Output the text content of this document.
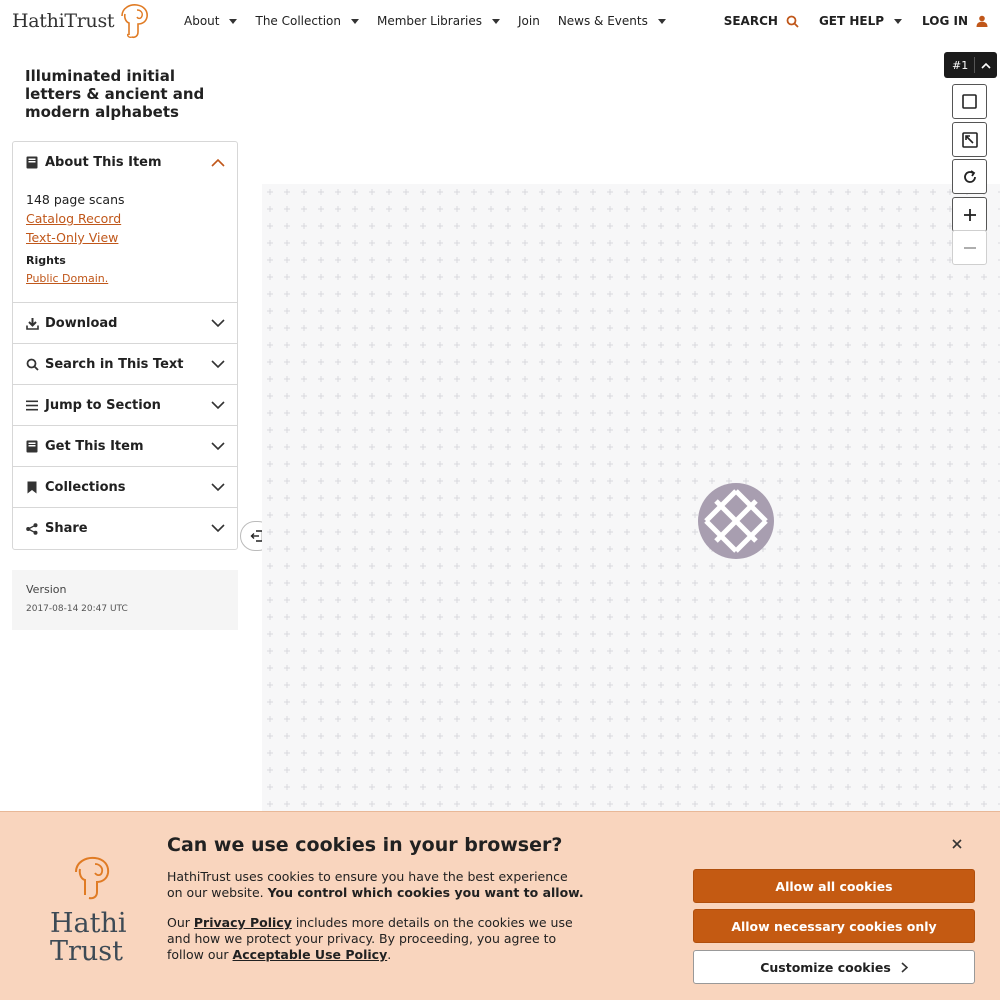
HathiTrust	About	The Collection	Member Libraries	Join News & Events	SEARCH	GET HELP	LOG IN
Illuminated initial letters & ancient and modern alphabets
About This Item
148 page scans
Catalog Record
Text-Only View
Rights
Public Domain.
Download
Search in This Text
Jump to Section
Get This Item
Collections
Share
Version
2017-08-14 20:47 UTC
#1
Hathi
Trust
Can we use cookies in your browser?
HathiTrust uses cookies to ensure you have the best experience on our website. You control which cookies you want to allow.
Our Privacy Policy includes more details on the cookies we use and how we protect your privacy. By proceeding, you agree to follow our Acceptable Use Policy.
Allow all cookies
Allow necessary cookies only
Customize cookies
